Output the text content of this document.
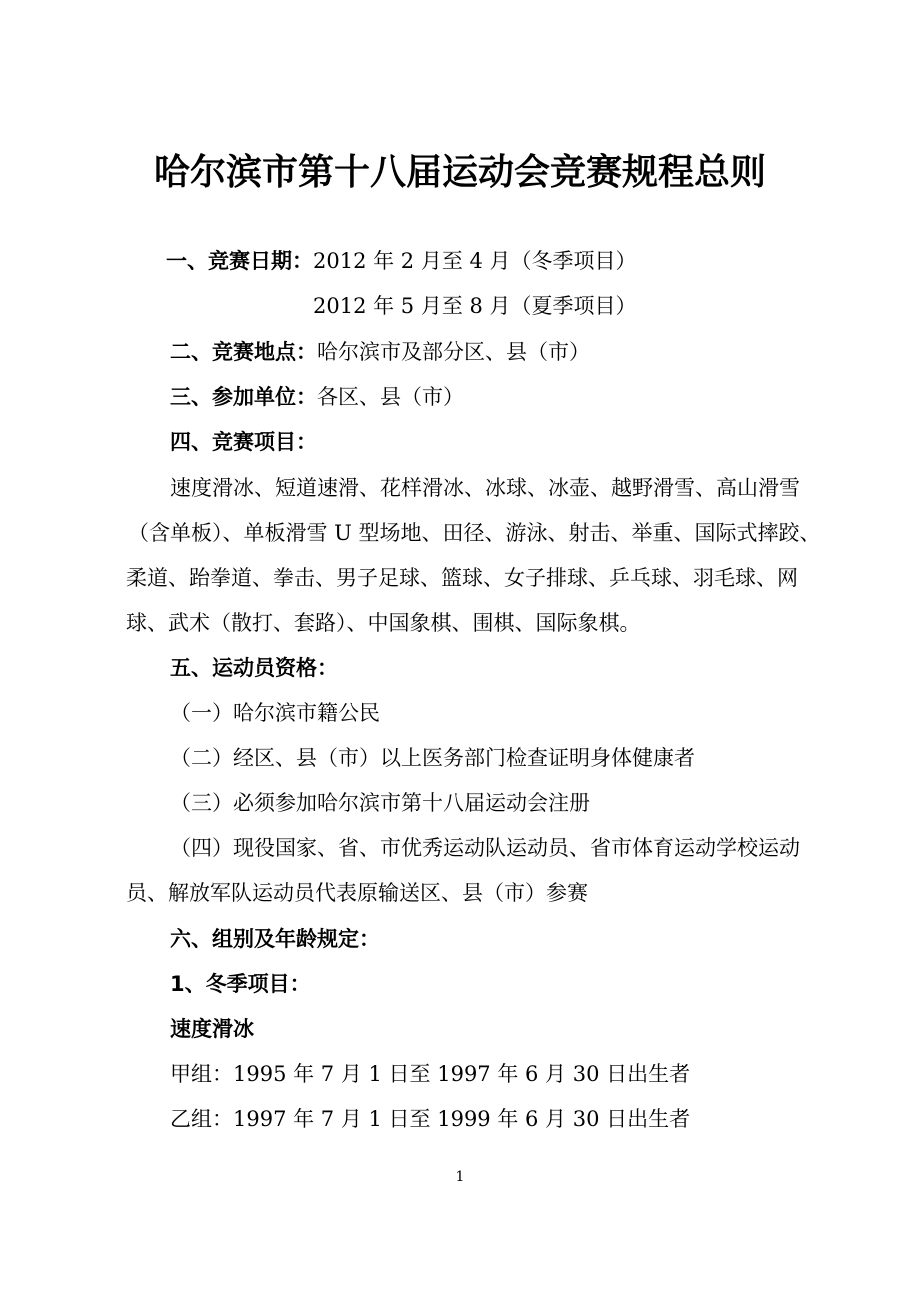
哈尔滨市第十八届运动会竞赛规程总则
一、竞赛日期：2012 年 2 月至 4 月（冬季项目）
2012 年 5 月至 8 月（夏季项目）
二、竞赛地点：哈尔滨市及部分区、县（市）
三、参加单位：各区、县（市）
四、竞赛项目：
速度滑冰、短道速滑、花样滑冰、冰球、冰壶、越野滑雪、高山滑雪
（含单板）、单板滑雪 U 型场地、田径、游泳、射击、举重、国际式摔跤、
柔道、跆拳道、拳击、男子足球、篮球、女子排球、乒乓球、羽毛球、网
球、武术（散打、套路）、中国象棋、围棋、国际象棋。
五、运动员资格：
（一）哈尔滨市籍公民
（二）经区、县（市）以上医务部门检查证明身体健康者
（三）必须参加哈尔滨市第十八届运动会注册
（四）现役国家、省、市优秀运动队运动员、省市体育运动学校运动
员、解放军队运动员代表原输送区、县（市）参赛
六、组别及年龄规定：
1、冬季项目：
速度滑冰
甲组：1995 年 7 月 1 日至 1997 年 6 月 30 日出生者
乙组：1997 年 7 月 1 日至 1999 年 6 月 30 日出生者
1
